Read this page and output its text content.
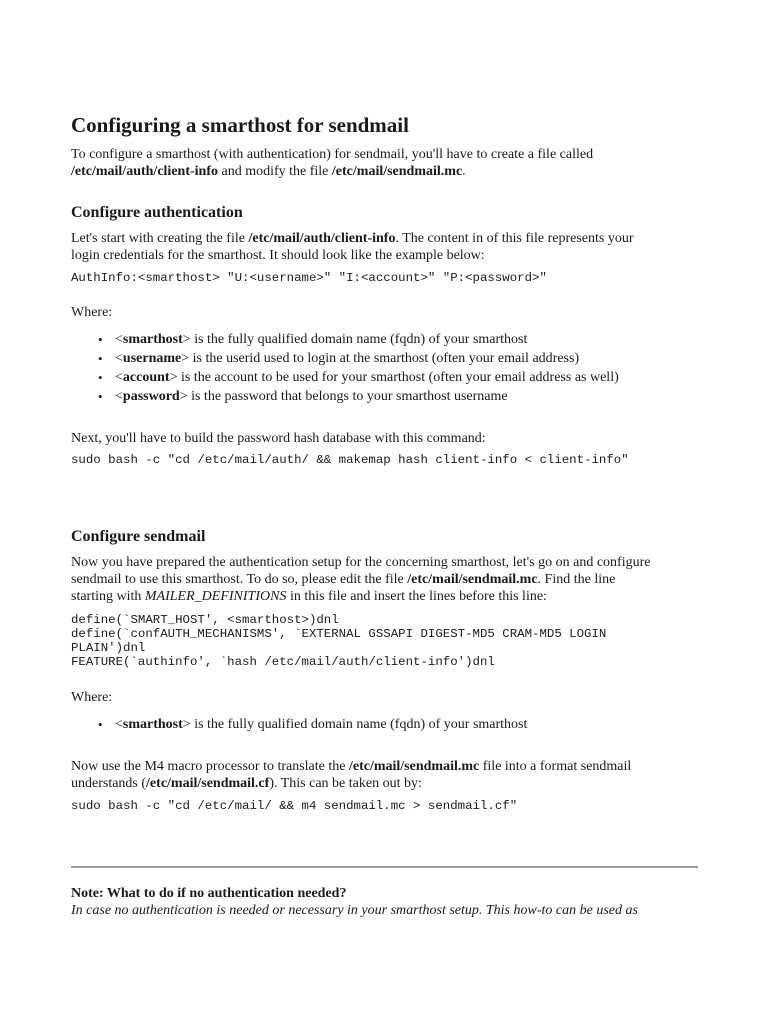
Configuring a smarthost for sendmail

To configure a smarthost (with authentication) for sendmail, you'll have to create a file called
/etc/mail/auth/client-info and modify the file /etc/mail/sendmail.mc.

Configure authentication

Let's start with creating the file /etc/mail/auth/client-info. The content in of this file represents your
login credentials for the smarthost. It should look like the example below:

AuthInfo:<smarthost> "U:<username>" "I:<account>" "P:<password>"

Where:

• <smarthost> is the fully qualified domain name (fqdn) of your smarthost
• <username> is the userid used to login at the smarthost (often your email address)
• <account> is the account to be used for your smarthost (often your email address as well)
• <password> is the password that belongs to your smarthost username

Next, you'll have to build the password hash database with this command:

sudo bash -c "cd /etc/mail/auth/ && makemap hash client-info < client-info"
Configure sendmail

Now you have prepared the authentication setup for the concerning smarthost, let's go on and configure
sendmail to use this smarthost. To do so, please edit the file /etc/mail/sendmail.mc. Find the line
starting with MAILER_DEFINITIONS in this file and insert the lines before this line:

define(`SMART_HOST', <smarthost>)dnl
define(`confAUTH_MECHANISMS', `EXTERNAL GSSAPI DIGEST-MD5 CRAM-MD5 LOGIN
PLAIN')dnl
FEATURE(`authinfo', `hash /etc/mail/auth/client-info')dnl

Where:

• <smarthost> is the fully qualified domain name (fqdn) of your smarthost

Now use the M4 macro processor to translate the /etc/mail/sendmail.mc file into a format sendmail
understands (/etc/mail/sendmail.cf). This can be taken out by:

sudo bash -c "cd /etc/mail/ && m4 sendmail.mc > sendmail.cf"

Note: What to do if no authentication needed?
In case no authentication is needed or necessary in your smarthost setup. This how-to can be used as
